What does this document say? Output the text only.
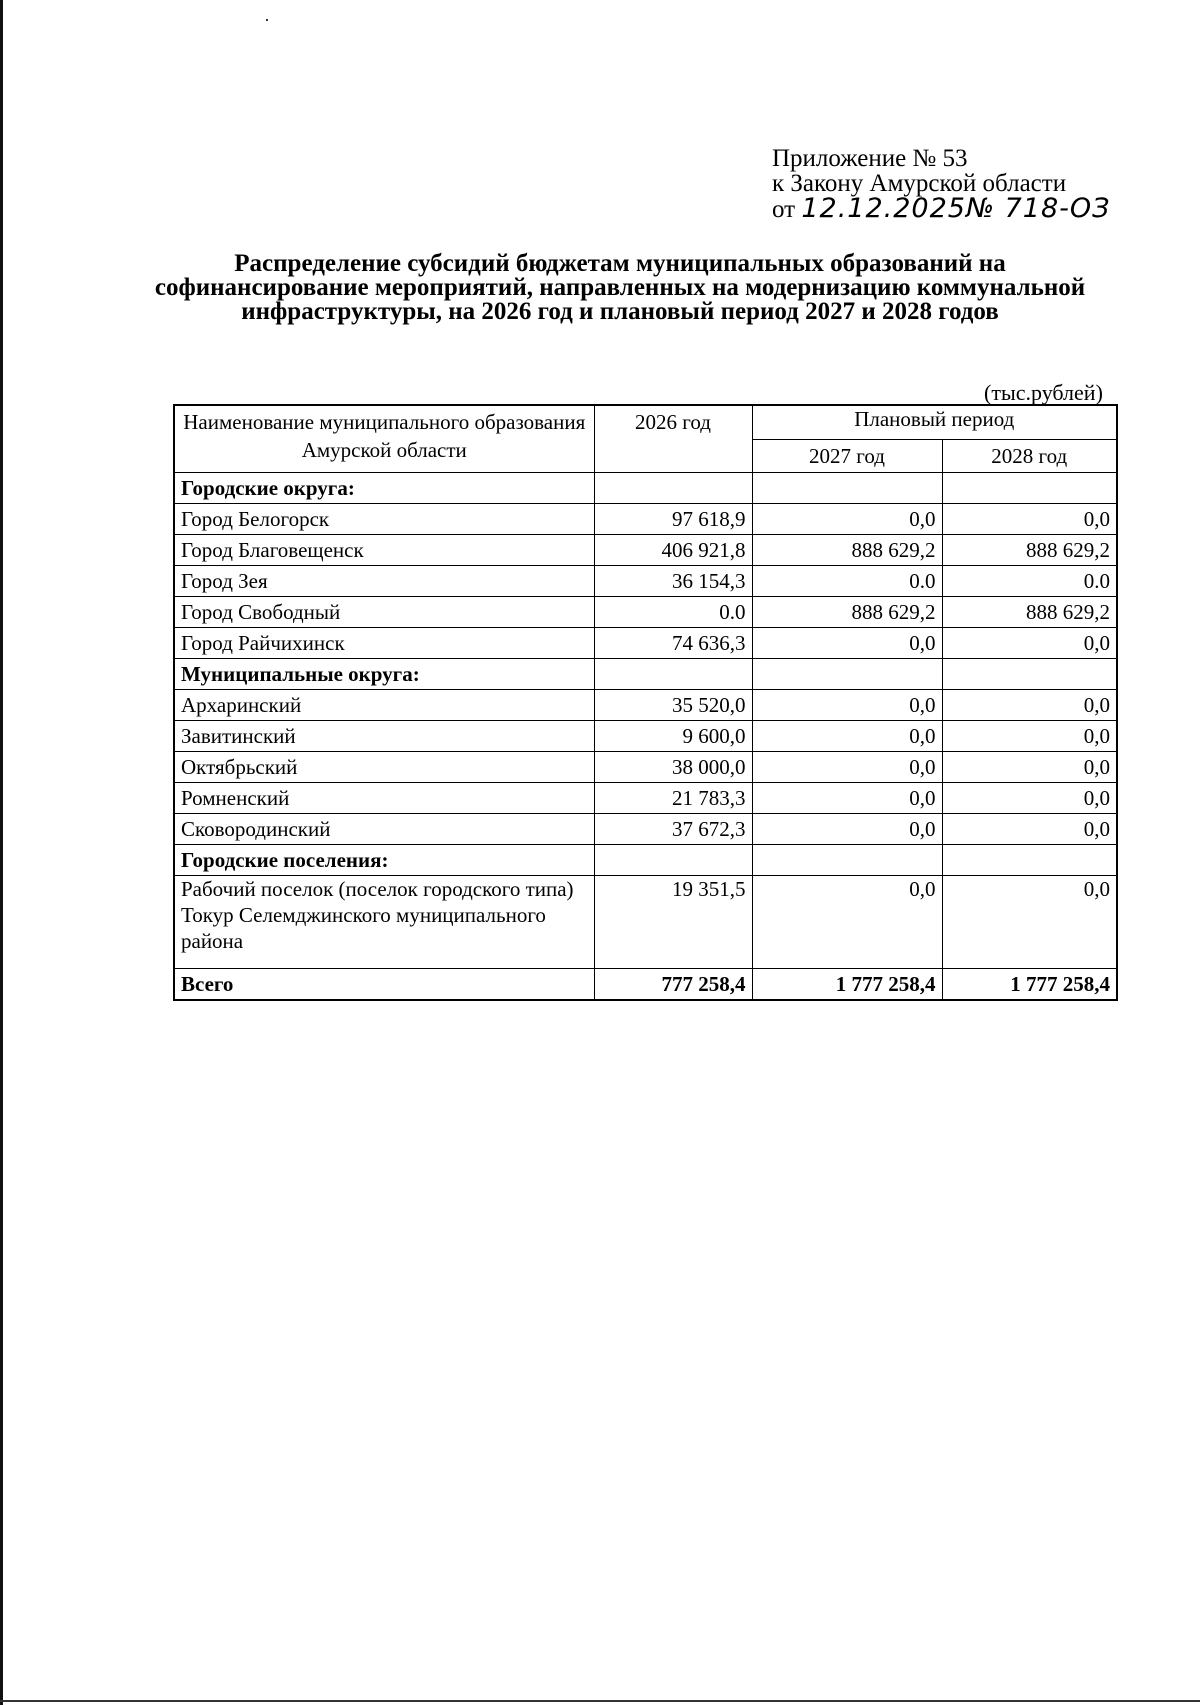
Приложение № 53
к Закону Амурской области
от 12.12.2025№ 718-ОЗ
Распределение субсидий бюджетам муниципальных образований на софинансирование мероприятий, направленных на модернизацию коммунальной инфраструктуры, на 2026 год и плановый период 2027 и 2028 годов
(тыс.рублей)
Наименование муниципального образования Амурской области	2026 год	Плановый период	
		2027 год	2028 год
Городские округа:			
Город Белогорск	97 618,9	0,0	0,0
Город Благовещенск	406 921,8	888 629,2	888 629,2
Город Зея	36 154,3	0.0	0.0
Город Свободный	0.0	888 629,2	888 629,2
Город Райчихинск	74 636,3	0,0	0,0
Муниципальные округа:			
Архаринский	35 520,0	0,0	0,0
Завитинский	9 600,0	0,0	0,0
Октябрьский	38 000,0	0,0	0,0
Ромненский	21 783,3	0,0	0,0
Сковородинский	37 672,3	0,0	0,0
Городские поселения:			
Рабочий поселок (поселок городского типа) Токур Селемджинского муниципального района	19 351,5	0,0	0,0
Всего	777 258,4	1 777 258,4	1 777 258,4
